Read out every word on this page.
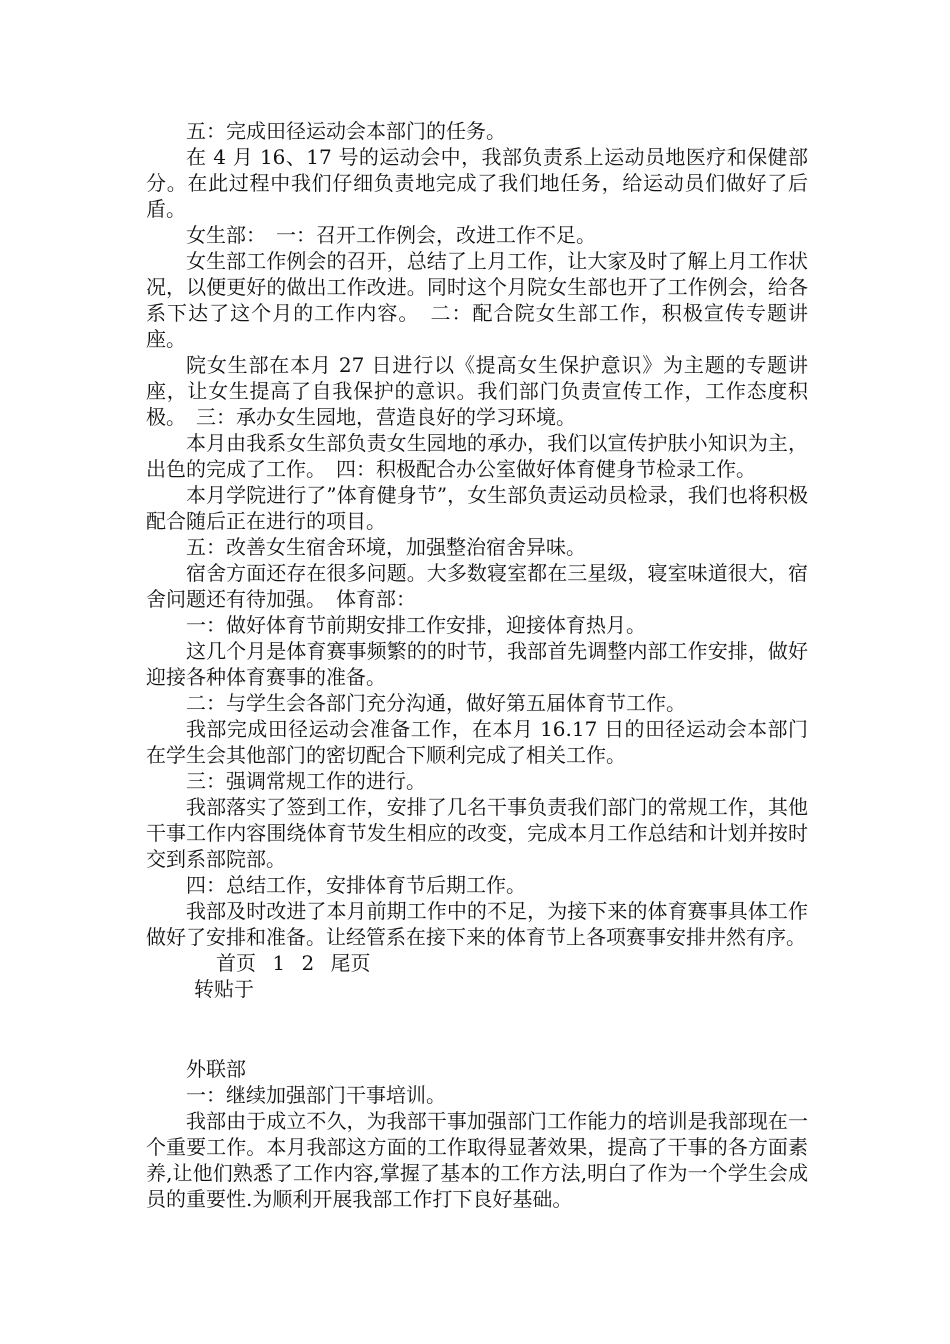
五：完成田径运动会本部门的任务。

在 4 月 16、17 号的运动会中，我部负责系上运动员地医疗和保健部分。在此过程中我们仔细负责地完成了我们地任务，给运动员们做好了后盾。

女生部：　一：召开工作例会，改进工作不足。

女生部工作例会的召开，总结了上月工作，让大家及时了解上月工作状况，以便更好的做出工作改进。同时这个月院女生部也开了工作例会，给各系下达了这个月的工作内容。　二：配合院女生部工作，积极宣传专题讲座。

院女生部在本月 27 日进行以《提高女生保护意识》为主题的专题讲座，让女生提高了自我保护的意识。我们部门负责宣传工作，工作态度积极。　三：承办女生园地，营造良好的学习环境。

本月由我系女生部负责女生园地的承办，我们以宣传护肤小知识为主，出色的完成了工作。　四：积极配合办公室做好体育健身节检录工作。

本月学院进行了”体育健身节”，女生部负责运动员检录，我们也将积极配合随后正在进行的项目。

五：改善女生宿舍环境，加强整治宿舍异味。

宿舍方面还存在很多问题。大多数寝室都在三星级，寝室味道很大，宿舍问题还有待加强。　体育部：

一：做好体育节前期安排工作安排，迎接体育热月。

这几个月是体育赛事频繁的的时节，我部首先调整内部工作安排，做好迎接各种体育赛事的准备。

二：与学生会各部门充分沟通，做好第五届体育节工作。

我部完成田径运动会准备工作，在本月 16.17 日的田径运动会本部门在学生会其他部门的密切配合下顺利完成了相关工作。

三：强调常规工作的进行。

我部落实了签到工作，安排了几名干事负责我们部门的常规工作，其他干事工作内容围绕体育节发生相应的改变，完成本月工作总结和计划并按时交到系部院部。

四：总结工作，安排体育节后期工作。

我部及时改进了本月前期工作中的不足，为接下来的体育赛事具体工作做好了安排和准备。让经管系在接下来的体育节上各项赛事安排井然有序。

首页 1 2 尾页
转贴于

外联部

一：继续加强部门干事培训。

我部由于成立不久，为我部干事加强部门工作能力的培训是我部现在一个重要工作。本月我部这方面的工作取得显著效果，提高了干事的各方面素养,让他们熟悉了工作内容,掌握了基本的工作方法,明白了作为一个学生会成员的重要性.为顺利开展我部工作打下良好基础。
